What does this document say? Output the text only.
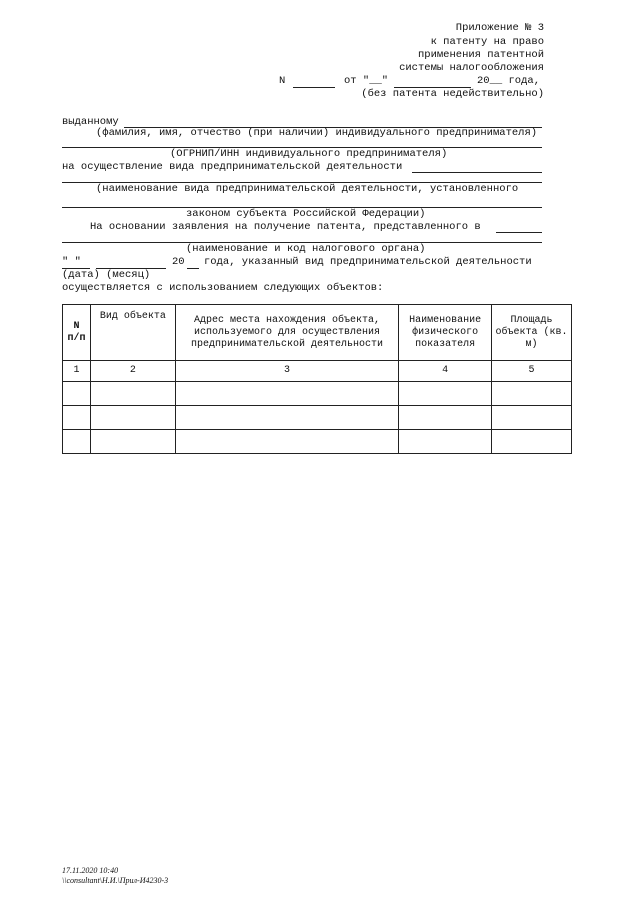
Приложение № 3
к патенту на право
применения патентной
системы налогообложения
N	от "__"	20__ года,
(без патента недействительно)
выданному
(фамилия, имя, отчество (при наличии) индивидуального предпринимателя)
(ОГРНИП/ИНН индивидуального предпринимателя)
на осуществление вида предпринимательской деятельности
(наименование вида предпринимательской деятельности, установленного
законом субъекта Российской Федерации)
На основании заявления на получение патента, представленного в
(наименование и код налогового органа)
" "	20 года, указанный вид предпринимательской деятельности
(дата) (месяц)
осуществляется с использованием следующих объектов:
N п/п	Вид объекта	Адрес места нахождения объекта, используемого для осуществления предпринимательской деятельности	Наименование физического показателя	Площадь объекта (кв. м)
1	2	3	4	5

17.11.2020 10:40
\\consultant\Н.И.\Прил-И4230-3
